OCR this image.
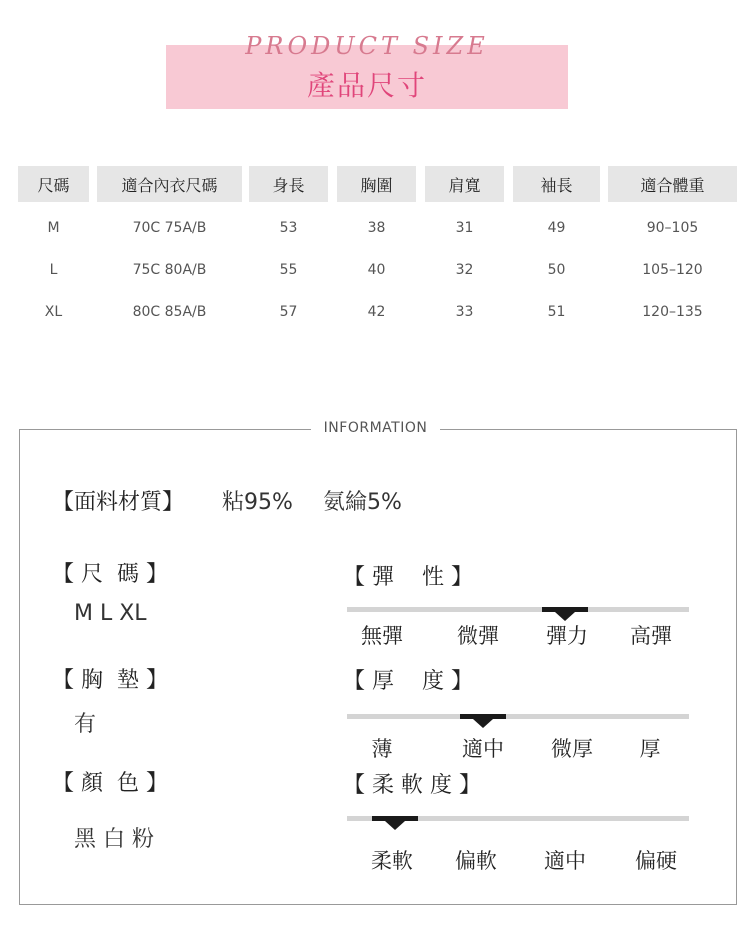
PRODUCT SIZE
產品尺寸
尺碼	適合內衣尺碼	身長	胸圍	肩寬	袖長	適合體重
M	70C 75A/B	53	38	31	49	90–105
L	75C 80A/B	55	40	32	50	105–120
XL	80C 85A/B	57	42	33	51	120–135
INFORMATION
【面料材質】 粘95% 氨綸5%
【 尺  碼 】
M L XL
【 胸  墊 】
有
【 顏  色 】
黑 白 粉
【 彈    性 】
無彈	微彈	彈力	高彈
【 厚    度 】
薄	適中	微厚	厚
【 柔 軟 度 】
柔軟	偏軟	適中	偏硬
